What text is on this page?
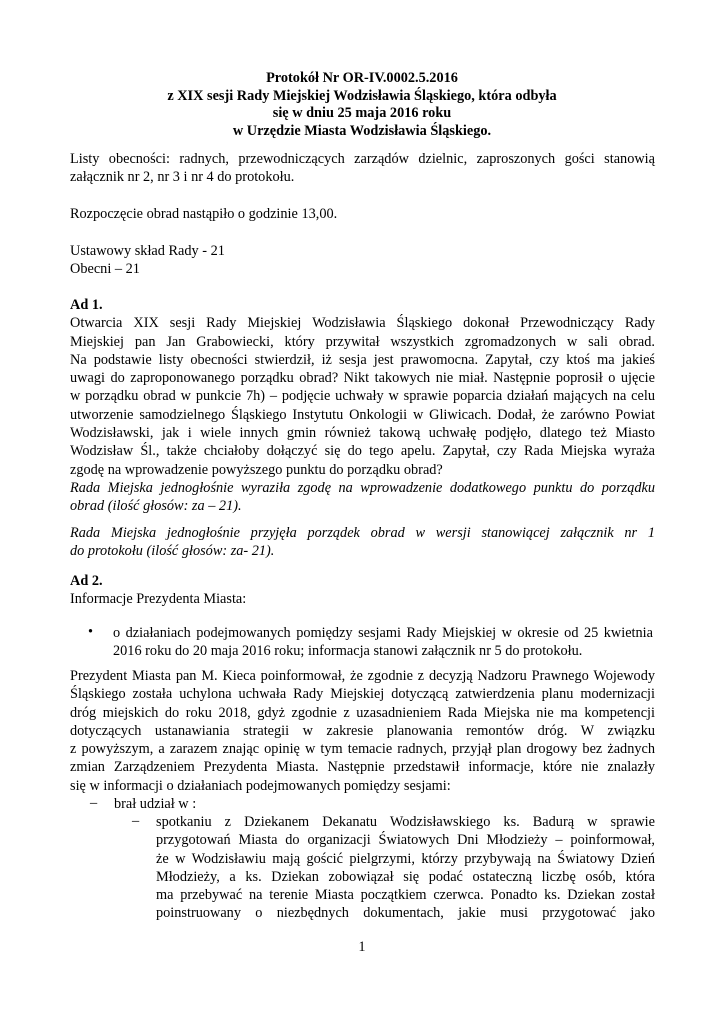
Protokół Nr OR-IV.0002.5.2016
z XIX sesji Rady Miejskiej Wodzisławia Śląskiego, która odbyła
się w dniu 25 maja 2016 roku
w Urzędzie Miasta Wodzisławia Śląskiego.
Listy obecności: radnych, przewodniczących zarządów dzielnic, zaproszonych gości stanowią
załącznik nr 2, nr 3 i nr 4 do protokołu.
Rozpoczęcie obrad nastąpiło o godzinie 13,00.
Ustawowy skład Rady - 21
Obecni – 21
Ad 1.
Otwarcia XIX sesji Rady Miejskiej Wodzisławia Śląskiego dokonał Przewodniczący Rady
Miejskiej pan Jan Grabowiecki, który przywitał wszystkich zgromadzonych w sali obrad.
Na podstawie listy obecności stwierdził, iż sesja jest prawomocna. Zapytał, czy ktoś ma jakieś
uwagi do zaproponowanego porządku obrad? Nikt takowych nie miał. Następnie poprosił o ujęcie
w porządku obrad w punkcie 7h) – podjęcie uchwały w sprawie poparcia działań mających na celu
utworzenie samodzielnego Śląskiego Instytutu Onkologii w Gliwicach. Dodał, że zarówno Powiat
Wodzisławski, jak i wiele innych gmin również takową uchwałę podjęło, dlatego też Miasto
Wodzisław Śl., także chciałoby dołączyć się do tego apelu. Zapytał, czy Rada Miejska wyraża
zgodę na wprowadzenie powyższego punktu do porządku obrad?
Rada Miejska jednogłośnie wyraziła zgodę na wprowadzenie dodatkowego punktu do porządku
obrad (ilość głosów: za – 21).
Rada Miejska jednogłośnie przyjęła porządek obrad w wersji stanowiącej załącznik nr 1
do protokołu (ilość głosów: za- 21).
Ad 2.
Informacje Prezydenta Miasta:
• o działaniach podejmowanych pomiędzy sesjami Rady Miejskiej w okresie od 25 kwietnia
2016 roku do 20 maja 2016 roku; informacja stanowi załącznik nr 5 do protokołu.
Prezydent Miasta pan M. Kieca poinformował, że zgodnie z decyzją Nadzoru Prawnego Wojewody
Śląskiego została uchylona uchwała Rady Miejskiej dotyczącą zatwierdzenia planu modernizacji
dróg miejskich do roku 2018, gdyż zgodnie z uzasadnieniem Rada Miejska nie ma kompetencji
dotyczących ustanawiania strategii w zakresie planowania remontów dróg. W związku
z powyższym, a zarazem znając opinię w tym temacie radnych, przyjął plan drogowy bez żadnych
zmian Zarządzeniem Prezydenta Miasta. Następnie przedstawił informacje, które nie znalazły
się w informacji o działaniach podejmowanych pomiędzy sesjami:
– brał udział w :
– spotkaniu z Dziekanem Dekanatu Wodzisławskiego ks. Badurą w sprawie
przygotowań Miasta do organizacji Światowych Dni Młodzieży – poinformował,
że w Wodzisławiu mają gościć pielgrzymi, którzy przybywają na Światowy Dzień
Młodzieży, a ks. Dziekan zobowiązał się podać ostateczną liczbę osób, która
ma przebywać na terenie Miasta początkiem czerwca. Ponadto ks. Dziekan został
poinstruowany o niezbędnych dokumentach, jakie musi przygotować jako
1
